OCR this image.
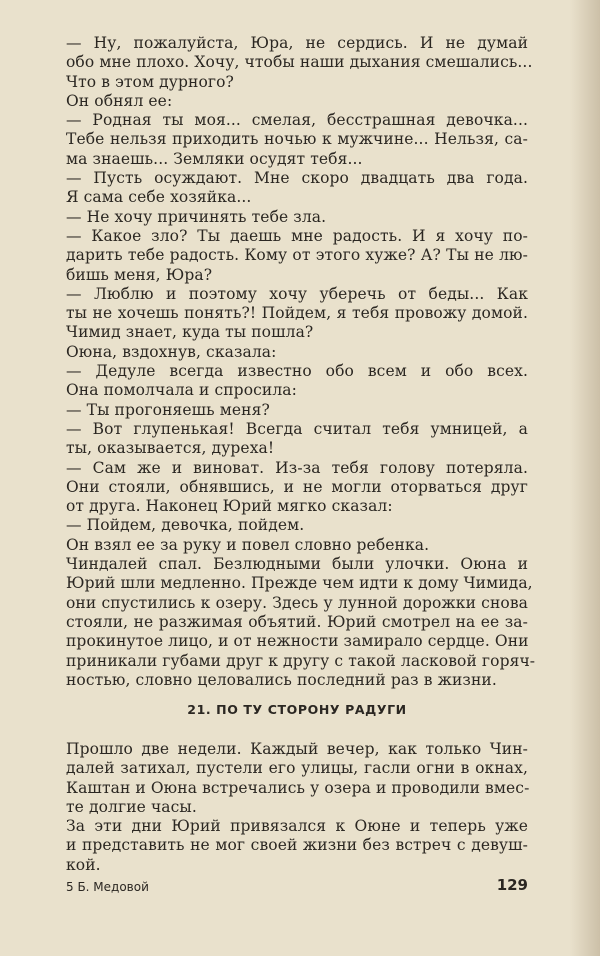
— Ну, пожалуйста, Юра, не сердись. И не думай
обо мне плохо. Хочу, чтобы наши дыхания смешались...
Что в этом дурного?
Он обнял ее:
— Родная ты моя... смелая, бесстрашная девочка...
Тебе нельзя приходить ночью к мужчине... Нельзя, са-
ма знаешь... Земляки осудят тебя...
— Пусть осуждают. Мне скоро двадцать два года.
Я сама себе хозяйка...
— Не хочу причинять тебе зла.
— Какое зло? Ты даешь мне радость. И я хочу по-
дарить тебе радость. Кому от этого хуже? А? Ты не лю-
бишь меня, Юра?
— Люблю и поэтому хочу уберечь от беды... Как
ты не хочешь понять?! Пойдем, я тебя провожу домой.
Чимид знает, куда ты пошла?
Оюна, вздохнув, сказала:
— Дедуле всегда известно обо всем и обо всех.
Она помолчала и спросила:
— Ты прогоняешь меня?
— Вот глупенькая! Всегда считал тебя умницей, а
ты, оказывается, дуреха!
— Сам же и виноват. Из-за тебя голову потеряла.
Они стояли, обнявшись, и не могли оторваться друг
от друга. Наконец Юрий мягко сказал:
— Пойдем, девочка, пойдем.
Он взял ее за руку и повел словно ребенка.
Чиндалей спал. Безлюдными были улочки. Оюна и
Юрий шли медленно. Прежде чем идти к дому Чимида,
они спустились к озеру. Здесь у лунной дорожки снова
стояли, не разжимая объятий. Юрий смотрел на ее за-
прокинутое лицо, и от нежности замирало сердце. Они
приникали губами друг к другу с такой ласковой горяч-
ностью, словно целовались последний раз в жизни.
21. ПО ТУ СТОРОНУ РАДУГИ
Прошло две недели. Каждый вечер, как только Чин-
далей затихал, пустели его улицы, гасли огни в окнах,
Каштан и Оюна встречались у озера и проводили вмес-
те долгие часы.
За эти дни Юрий привязался к Оюне и теперь уже
и представить не мог своей жизни без встреч с девуш-
кой.
5 Б. Медовой	129
